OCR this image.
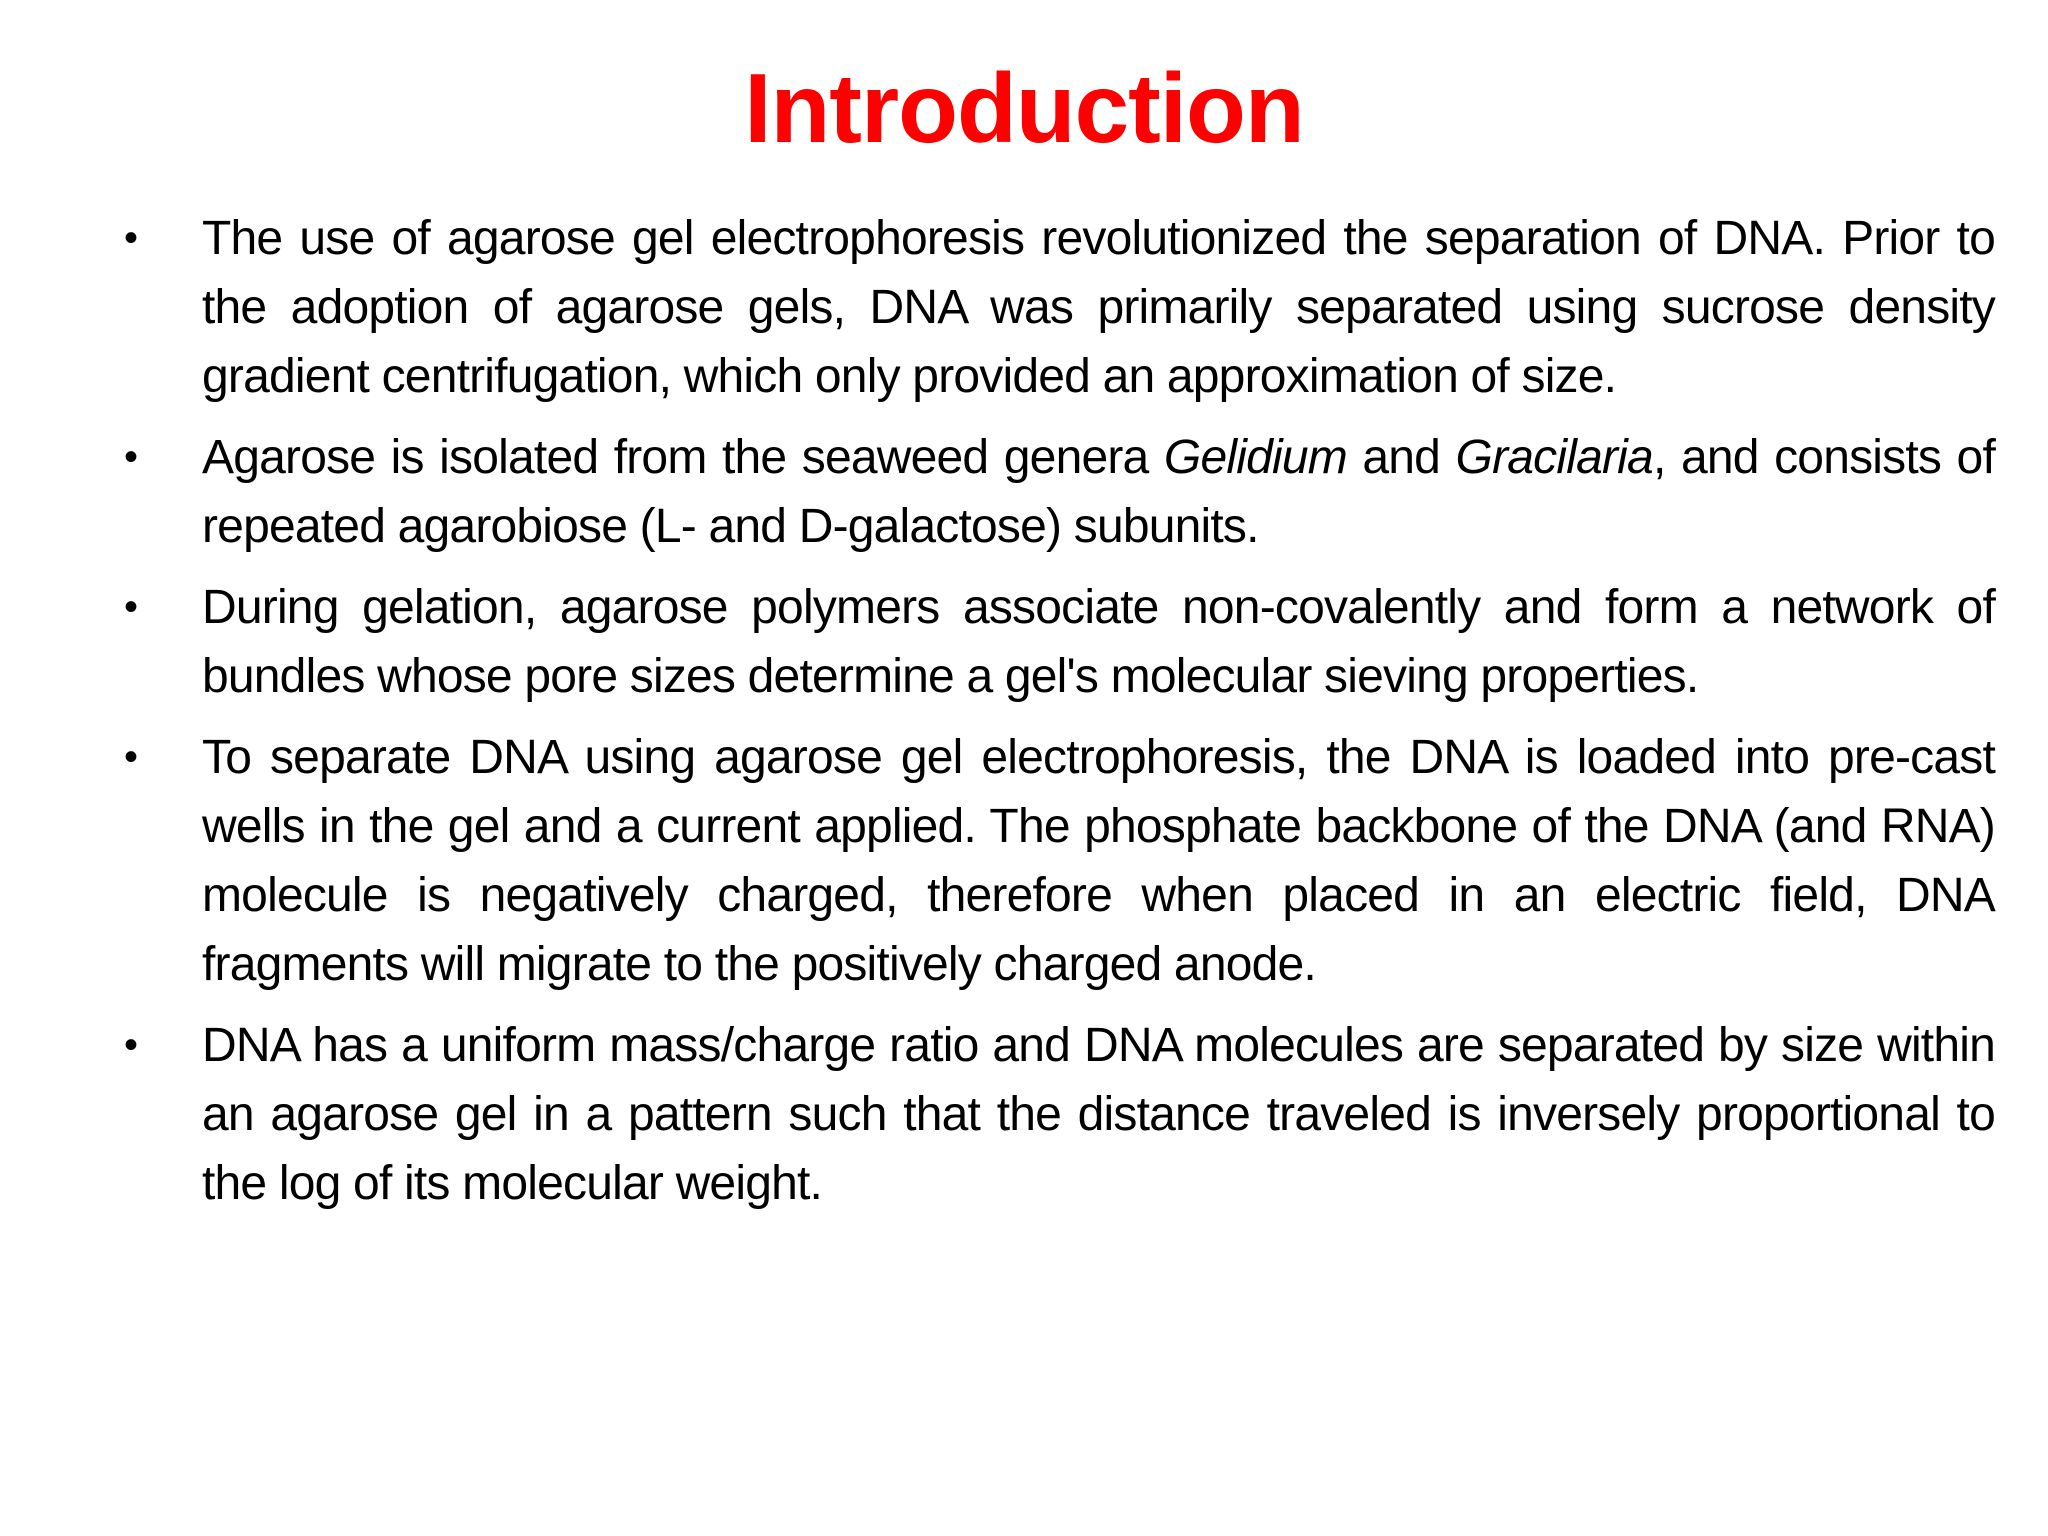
Introduction
•	The use of agarose gel electrophoresis revolutionized the separation of DNA. Prior to the adoption of agarose gels, DNA was primarily separated using sucrose density gradient centrifugation, which only provided an approximation of size.
•	Agarose is isolated from the seaweed genera Gelidium and Gracilaria, and consists of repeated agarobiose (L- and D-galactose) subunits.
•	During gelation, agarose polymers associate non-covalently and form a network of bundles whose pore sizes determine a gel's molecular sieving properties.
•	To separate DNA using agarose gel electrophoresis, the DNA is loaded into pre-cast wells in the gel and a current applied. The phosphate backbone of the DNA (and RNA) molecule is negatively charged, therefore when placed in an electric field, DNA fragments will migrate to the positively charged anode.
•	DNA has a uniform mass/charge ratio and DNA molecules are separated by size within an agarose gel in a pattern such that the distance traveled is inversely proportional to the log of its molecular weight.
